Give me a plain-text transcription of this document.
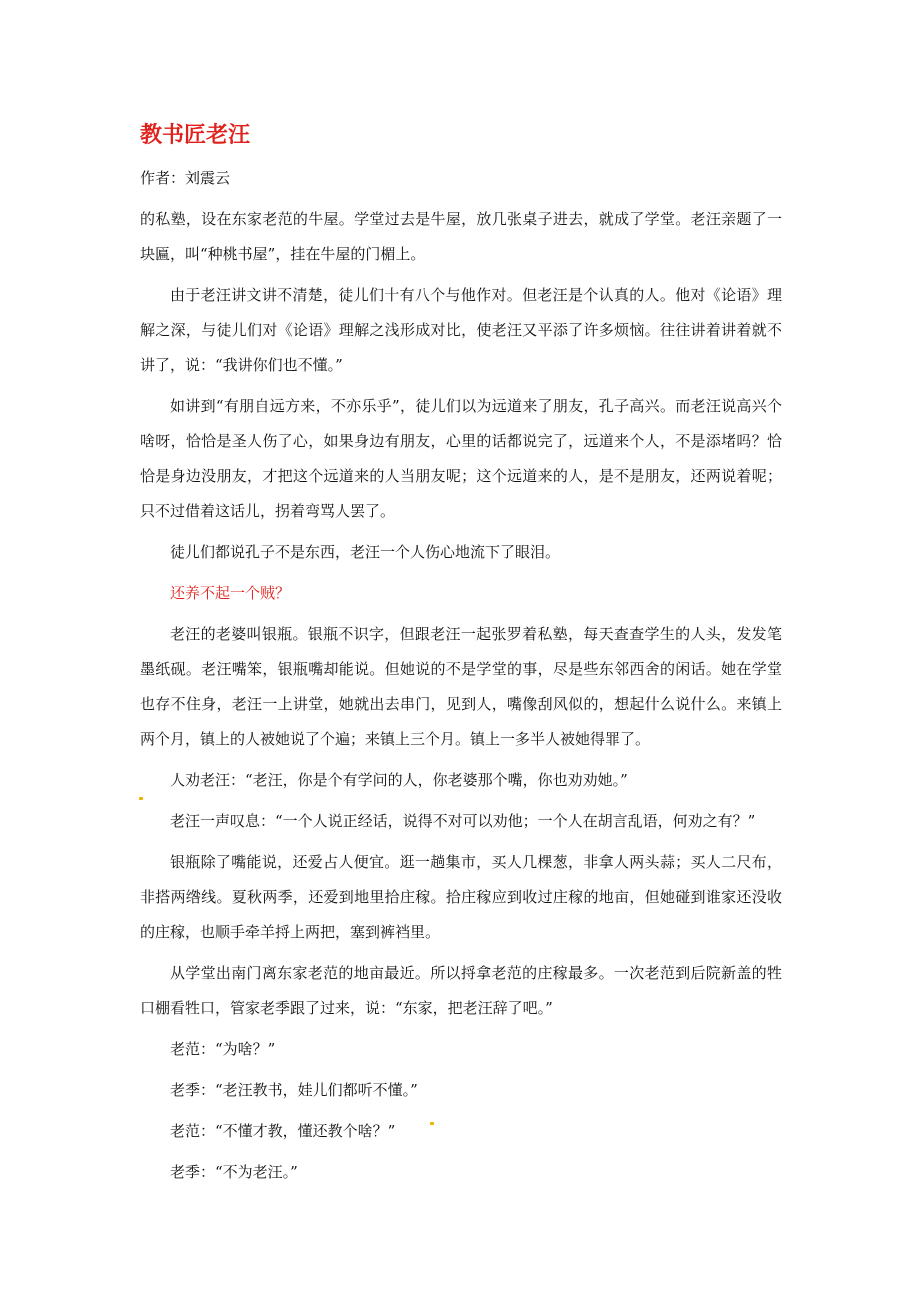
教书匠老汪

作者：刘震云

的私塾，设在东家老范的牛屋。学堂过去是牛屋，放几张桌子进去，就成了学堂。老汪亲题了一块匾，叫“种桃书屋”，挂在牛屋的门楣上。

由于老汪讲文讲不清楚，徒儿们十有八个与他作对。但老汪是个认真的人。他对《论语》理解之深，与徒儿们对《论语》理解之浅形成对比，使老汪又平添了许多烦恼。往往讲着讲着就不讲了，说：“我讲你们也不懂。”

如讲到“有朋自远方来，不亦乐乎”，徒儿们以为远道来了朋友，孔子高兴。而老汪说高兴个啥呀，恰恰是圣人伤了心，如果身边有朋友，心里的话都说完了，远道来个人，不是添堵吗？恰恰是身边没朋友，才把这个远道来的人当朋友呢；这个远道来的人，是不是朋友，还两说着呢；只不过借着这话儿，拐着弯骂人罢了。

徒儿们都说孔子不是东西，老汪一个人伤心地流下了眼泪。

还养不起一个贼？

老汪的老婆叫银瓶。银瓶不识字，但跟老汪一起张罗着私塾，每天查查学生的人头，发发笔墨纸砚。老汪嘴笨，银瓶嘴却能说。但她说的不是学堂的事，尽是些东邻西舍的闲话。她在学堂也存不住身，老汪一上讲堂，她就出去串门，见到人，嘴像刮风似的，想起什么说什么。来镇上两个月，镇上的人被她说了个遍；来镇上三个月。镇上一多半人被她得罪了。

人劝老汪：“老汪，你是个有学问的人，你老婆那个嘴，你也劝劝她。”

老汪一声叹息：“一个人说正经话，说得不对可以劝他；一个人在胡言乱语，何劝之有？”

银瓶除了嘴能说，还爱占人便宜。逛一趟集市，买人几棵葱，非拿人两头蒜；买人二尺布，非搭两绺线。夏秋两季，还爱到地里拾庄稼。拾庄稼应到收过庄稼的地亩，但她碰到谁家还没收的庄稼，也顺手牵羊捋上两把，塞到裤裆里。

从学堂出南门离东家老范的地亩最近。所以捋拿老范的庄稼最多。一次老范到后院新盖的牲口棚看牲口，管家老季跟了过来，说：“东家，把老汪辞了吧。”

老范：“为啥？”

老季：“老汪教书，娃儿们都听不懂。”

老范：“不懂才教，懂还教个啥？”

老季：“不为老汪。”
